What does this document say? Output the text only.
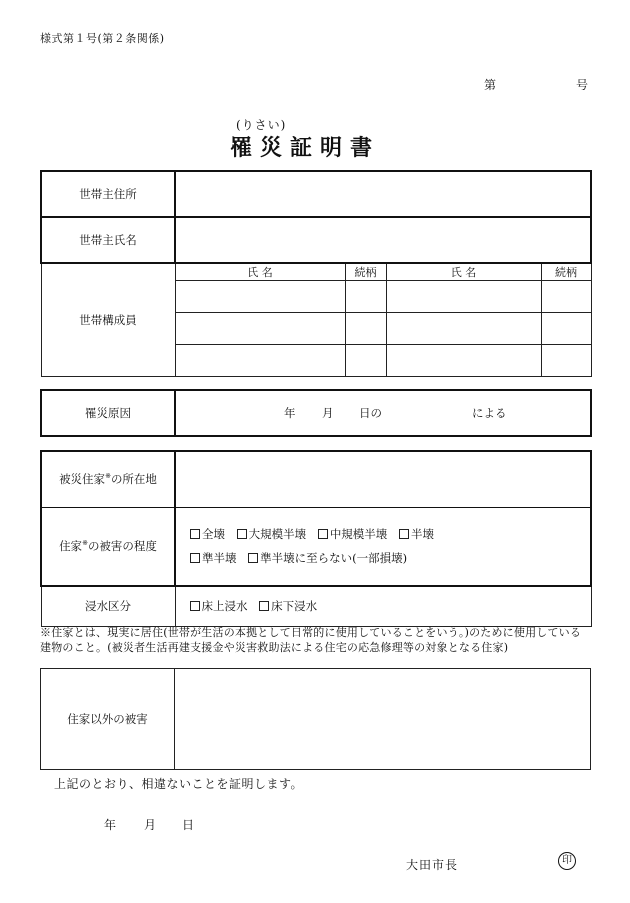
様式第１号(第２条関係)
第	号
(りさい)
罹災証明書
世帯主住所				
世帯主氏名				
世帯構成員	氏 名	続柄	氏 名	続柄

罹災原因	年 月 日の	による
被災住家※の所在地	
住家※の被害の程度	全壊 大規模半壊 中規模半壊 半壊
準半壊 準半壊に至らない(一部損壊)

浸水区分	床上浸水 床下浸水
※住家とは、現実に居住(世帯が生活の本拠として日常的に使用していることをいう。)のために使用している建物のこと。(被災者生活再建支援金や災害救助法による住宅の応急修理等の対象となる住家)
住家以外の被害	
上記のとおり、相違ないことを証明します。
年 月 日
大田市長	印
